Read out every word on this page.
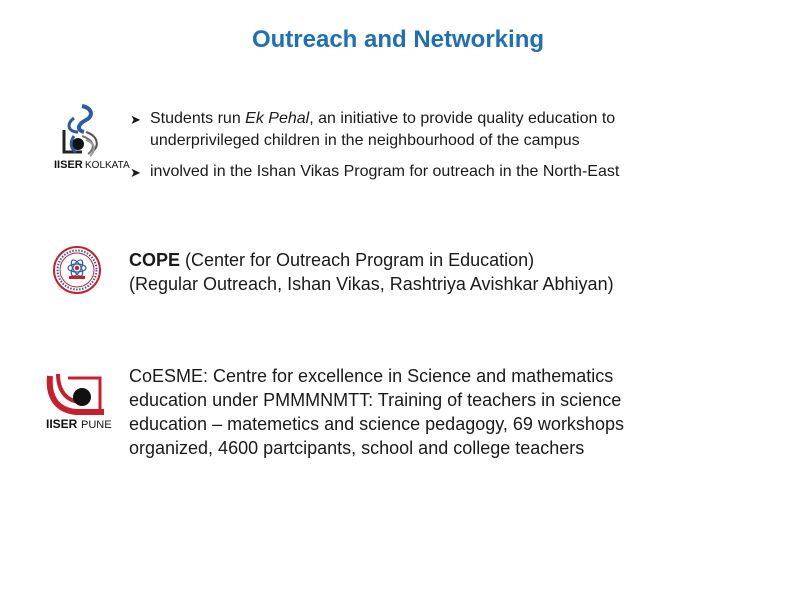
Outreach and Networking
IISER KOLKATA
➤ Students run Ek Pehal, an initiative to provide quality education to underprivileged children in the neighbourhood of the campus
➤ involved in the Ishan Vikas Program for outreach in the North-East
COPE (Center for Outreach Program in Education)
(Regular Outreach, Ishan Vikas, Rashtriya Avishkar Abhiyan)
IISER PUNE
CoESME: Centre for excellence in Science and mathematics education under PMMMNMTT: Training of teachers in science education – matemetics and science pedagogy, 69 workshops organized, 4600 partcipants, school and college teachers
